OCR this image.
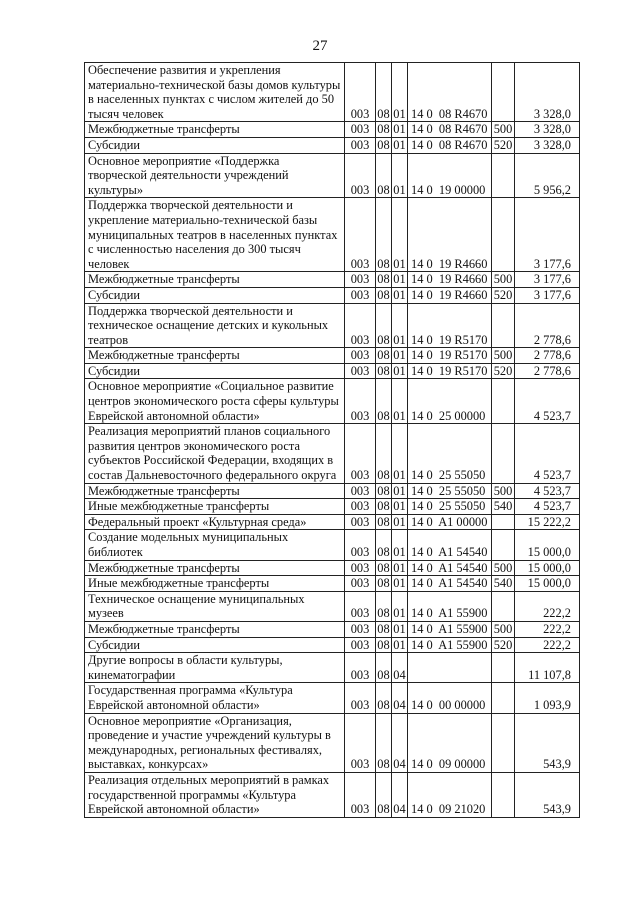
27
Обеспечение развития и укрепления материально-технической базы домов культуры в населенных пунктах с числом жителей до 50 тысяч человек	003	08	01	14 0  08 R4670		3 328,0
Межбюджетные трансферты	003	08	01	14 0  08 R4670	500	3 328,0
Субсидии	003	08	01	14 0  08 R4670	520	3 328,0
Основное мероприятие «Поддержка творческой деятельности учреждений культуры»	003	08	01	14 0  19 00000		5 956,2
Поддержка творческой деятельности и укрепление материально-технической базы муниципальных театров в населенных пунктах с численностью населения до 300 тысяч человек	003	08	01	14 0  19 R4660		3 177,6
Межбюджетные трансферты	003	08	01	14 0  19 R4660	500	3 177,6
Субсидии	003	08	01	14 0  19 R4660	520	3 177,6
Поддержка творческой деятельности и техническое оснащение детских и кукольных театров	003	08	01	14 0  19 R5170		2 778,6
Межбюджетные трансферты	003	08	01	14 0  19 R5170	500	2 778,6
Субсидии	003	08	01	14 0  19 R5170	520	2 778,6
Основное мероприятие «Социальное развитие центров экономического роста сферы культуры Еврейской автономной области»	003	08	01	14 0  25 00000		4 523,7
Реализация мероприятий планов социального развития центров экономического роста субъектов Российской Федерации, входящих в состав Дальневосточного федерального округа	003	08	01	14 0  25 55050		4 523,7
Межбюджетные трансферты	003	08	01	14 0  25 55050	500	4 523,7
Иные межбюджетные трансферты	003	08	01	14 0  25 55050	540	4 523,7
Федеральный проект «Культурная среда»	003	08	01	14 0  A1 00000		15 222,2
Создание модельных муниципальных библиотек	003	08	01	14 0  A1 54540		15 000,0
Межбюджетные трансферты	003	08	01	14 0  A1 54540	500	15 000,0
Иные межбюджетные трансферты	003	08	01	14 0  A1 54540	540	15 000,0
Техническое оснащение муниципальных музеев	003	08	01	14 0  A1 55900		222,2
Межбюджетные трансферты	003	08	01	14 0  A1 55900	500	222,2
Субсидии	003	08	01	14 0  A1 55900	520	222,2
Другие вопросы в области культуры, кинематографии	003	08	04			11 107,8
Государственная программа «Культура Еврейской автономной области»	003	08	04	14 0  00 00000		1 093,9
Основное мероприятие «Организация, проведение и участие учреждений культуры в международных, региональных фестивалях, выставках, конкурсах»	003	08	04	14 0  09 00000		543,9
Реализация отдельных мероприятий в рамках государственной программы «Культура Еврейской автономной области»	003	08	04	14 0  09 21020		543,9
